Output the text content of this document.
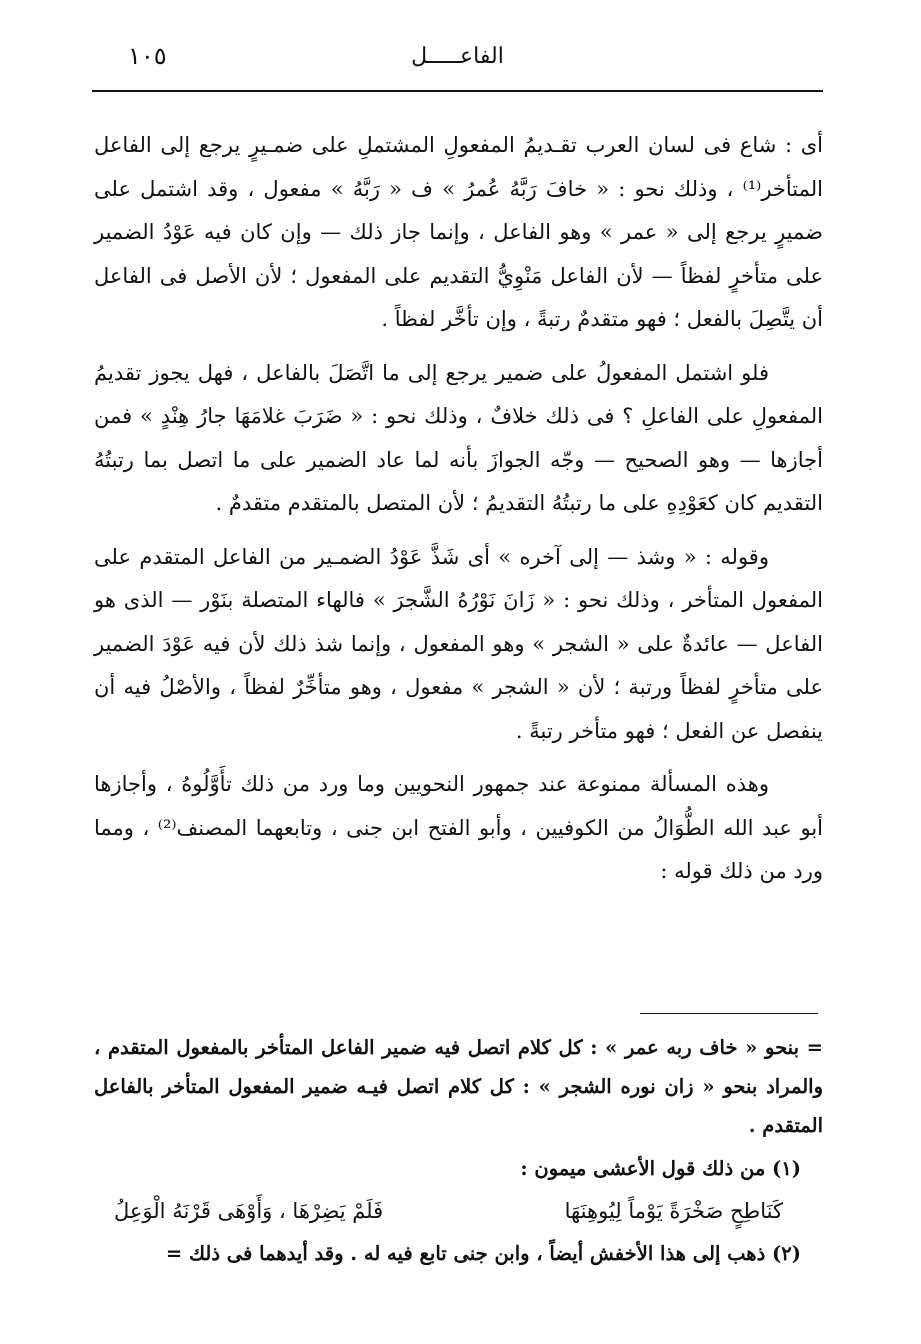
الفاعـــــل
١٠٥

أى : شاع فى لسان العرب تقـديمُ المفعولِ المشتملِ على ضمـيرٍ يرجع إلى الفاعل المتأخر⁽¹⁾ ، وذلك نحو : « خافَ رَبَّهُ عُمرُ » ف « رَبَّهُ » مفعول ، وقد اشتمل على ضميرٍ يرجع إلى « عمر » وهو الفاعل ، وإنما جاز ذلك — وإن كان فيه عَوْدُ الضمير على متأخرٍ لفظاً — لأن الفاعل مَنْوِيُّ التقديم على المفعول ؛ لأن الأصل فى الفاعل أن يتَّصِلَ بالفعل ؛ فهو متقدمٌ رتبةً ، وإن تأخَّر لفظاً .

فلو اشتمل المفعولُ على ضمير يرجع إلى ما اتَّصَلَ بالفاعل ، فهل يجوز تقديمُ المفعولِ على الفاعلِ ؟ فى ذلك خلافٌ ، وذلك نحو : « ضَرَبَ غلامَهَا جارُ هِنْدٍ » فمن أجازها — وهو الصحيح — وجّه الجوازَ بأنه لما عاد الضمير على ما اتصل بما رتبتُهُ التقديم كان كعَوْدِهِ على ما رتبتُهُ التقديمُ ؛ لأن المتصل بالمتقدم متقدمٌ .

وقوله : « وشذ — إلى آخره » أى شَذَّ عَوْدُ الضمـير من الفاعل المتقدم على المفعول المتأخر ، وذلك نحو : « زَانَ نَوْرُهُ الشَّجرَ » فالهاء المتصلة بنَوْر — الذى هو الفاعل — عائدةٌ على « الشجر » وهو المفعول ، وإنما شذ ذلك لأن فيه عَوْدَ الضمير على متأخرٍ لفظاً ورتبة ؛ لأن « الشجر » مفعول ، وهو متأخِّرٌ لفظاً ، والأصْلُ فيه أن ينفصل عن الفعل ؛ فهو متأخر رتبةً .

وهذه المسألة ممنوعة عند جمهور النحويين وما ورد من ذلك تأَوَّلُوهُ ، وأجازها أبو عبد الله الطُّوَالُ من الكوفيين ، وأبو الفتح ابن جنى ، وتابعهما المصنف⁽²⁾ ، ومما ورد من ذلك قوله :

= بنحو « خاف ربه عمر » : كل كلام اتصل فيه ضمير الفاعل المتأخر بالمفعول المتقدم ، والمراد بنحو « زان نوره الشجر » : كل كلام اتصل فيـه ضمير المفعول المتأخر بالفاعل المتقدم .

(١) من ذلك قول الأعشى ميمون :

كَنَاطِحٍ صَخْرَةً يَوْماً لِيُوهِنَهَا
فَلَمْ يَضِرْهَا ، وَأَوْهَى قَرْنَهُ الْوَعِلُ

(٢) ذهب إلى هذا الأخفش أيضاً ، وابن جنى تابع فيه له . وقد أيدهما فى ذلك =
